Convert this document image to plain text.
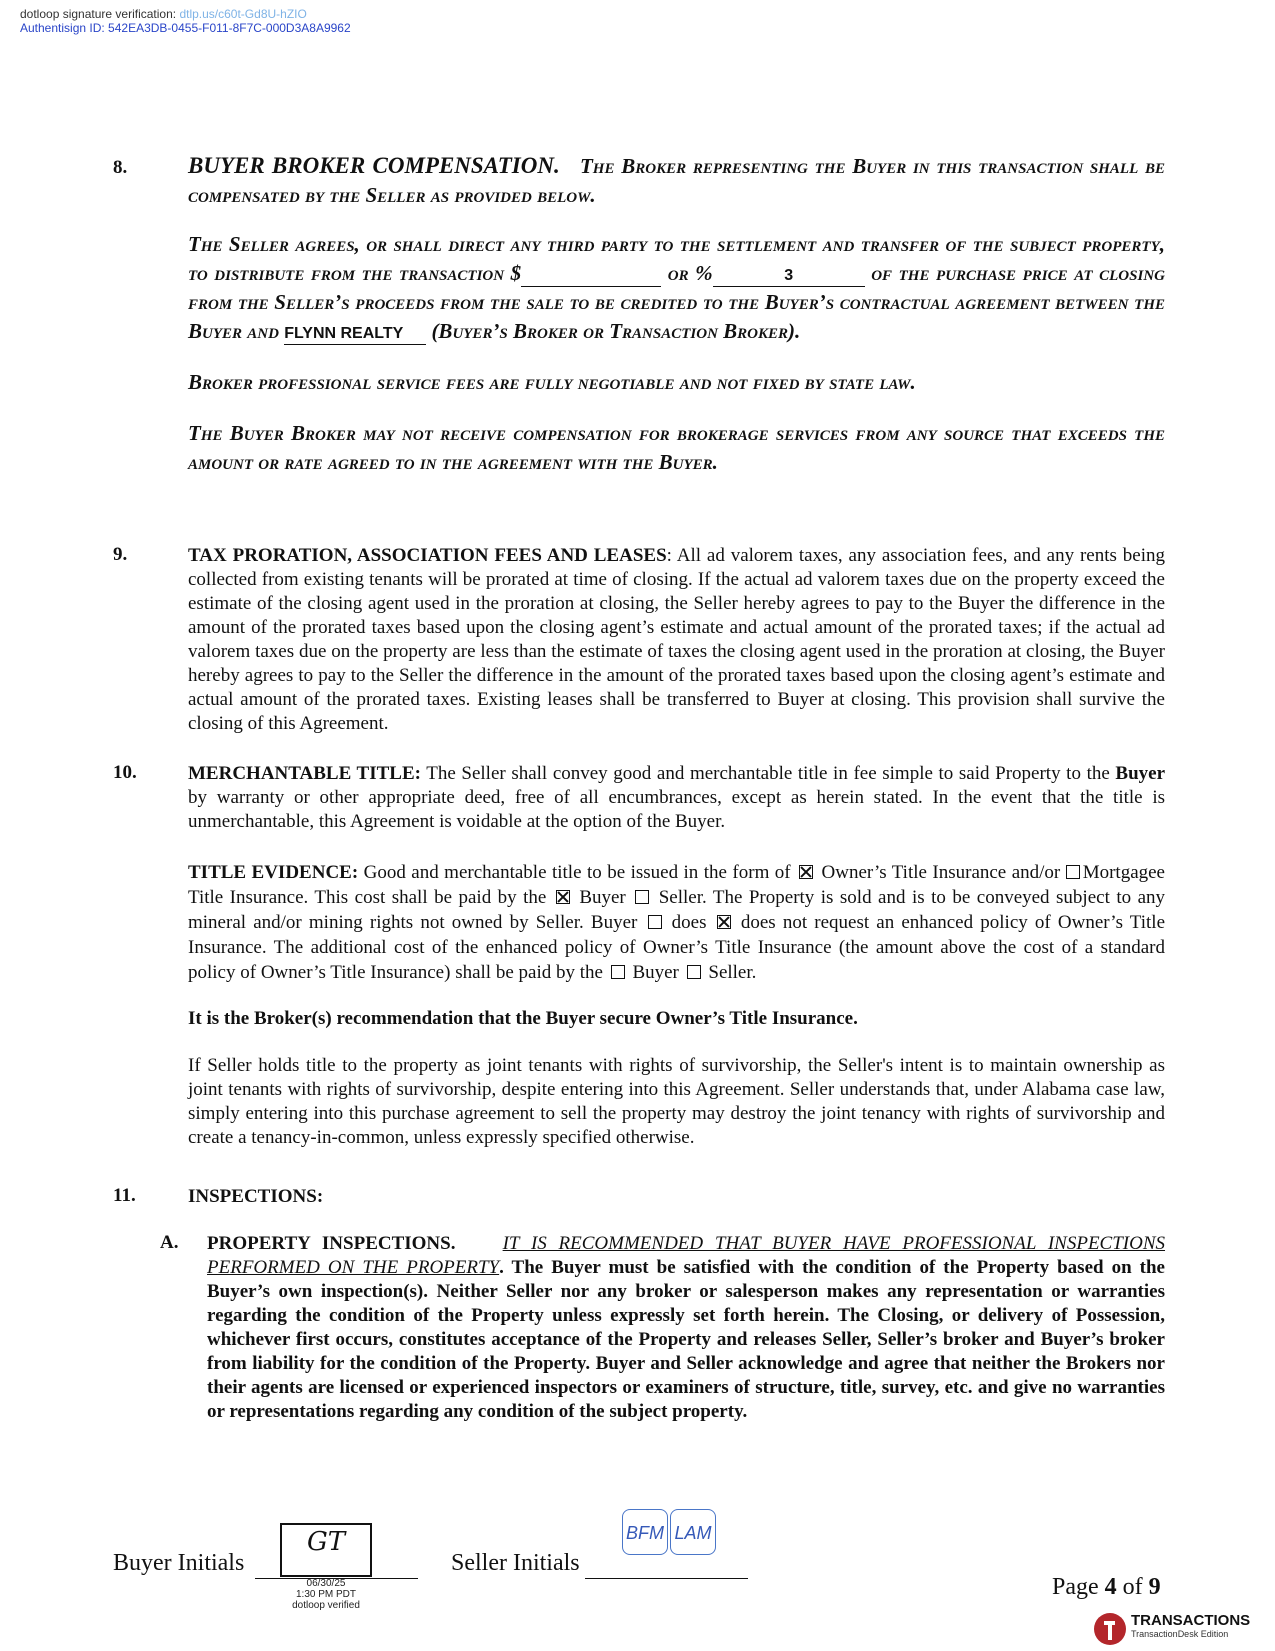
dotloop signature verification: dtlp.us/c60t-Gd8U-hZIO
Authentisign ID: 542EA3DB-0455-F011-8F7C-000D3A8A9962
8.	BUYER BROKER COMPENSATION. The Broker representing the Buyer in this transaction shall be compensated by the Seller as provided below.
The Seller agrees, or shall direct any third party to the settlement and transfer of the subject property, to distribute from the transaction $	or %	3	of the purchase price at closing from the Seller’s proceeds from the sale to be credited to the Buyer’s contractual agreement between the Buyer and FLYNN REALTY (Buyer’s Broker or Transaction Broker).
Broker professional service fees are fully negotiable and not fixed by state law.
The Buyer Broker may not receive compensation for brokerage services from any source that exceeds the amount or rate agreed to in the agreement with the Buyer.
9.	TAX PRORATION, ASSOCIATION FEES AND LEASES: All ad valorem taxes, any association fees, and any rents being collected from existing tenants will be prorated at time of closing. If the actual ad valorem taxes due on the property exceed the estimate of the closing agent used in the proration at closing, the Seller hereby agrees to pay to the Buyer the difference in the amount of the prorated taxes based upon the closing agent’s estimate and actual amount of the prorated taxes; if the actual ad valorem taxes due on the property are less than the estimate of taxes the closing agent used in the proration at closing, the Buyer hereby agrees to pay to the Seller the difference in the amount of the prorated taxes based upon the closing agent’s estimate and actual amount of the prorated taxes. Existing leases shall be transferred to Buyer at closing. This provision shall survive the closing of this Agreement.

10.	MERCHANTABLE TITLE: The Seller shall convey good and merchantable title in fee simple to said Property to the Buyer by warranty or other appropriate deed, free of all encumbrances, except as herein stated. In the event that the title is unmerchantable, this Agreement is voidable at the option of the Buyer.

TITLE EVIDENCE: Good and merchantable title to be issued in the form of  Owner’s Title Insurance and/or Mortgagee Title Insurance. This cost shall be paid by the  Buyer  Seller. The Property is sold and is to be conveyed subject to any mineral and/or mining rights not owned by Seller. Buyer  does  does not request an enhanced policy of Owner’s Title Insurance. The additional cost of the enhanced policy of Owner’s Title Insurance (the amount above the cost of a standard policy of Owner’s Title Insurance) shall be paid by the  Buyer  Seller.

It is the Broker(s) recommendation that the Buyer secure Owner’s Title Insurance.

If Seller holds title to the property as joint tenants with rights of survivorship, the Seller's intent is to maintain ownership as joint tenants with rights of survivorship, despite entering into this Agreement. Seller understands that, under Alabama case law, simply entering into this purchase agreement to sell the property may destroy the joint tenancy with rights of survivorship and create a tenancy-in-common, unless expressly specified otherwise.

11.	INSPECTIONS:

A. PROPERTY INSPECTIONS. IT IS RECOMMENDED THAT BUYER HAVE PROFESSIONAL INSPECTIONS PERFORMED ON THE PROPERTY. The Buyer must be satisfied with the condition of the Property based on the Buyer’s own inspection(s). Neither Seller nor any broker or salesperson makes any representation or warranties regarding the condition of the Property unless expressly set forth herein. The Closing, or delivery of Possession, whichever first occurs, constitutes acceptance of the Property and releases Seller, Seller’s broker and Buyer’s broker from liability for the condition of the Property. Buyer and Seller acknowledge and agree that neither the Brokers nor their agents are licensed or experienced inspectors or examiners of structure, title, survey, etc. and give no warranties or representations regarding any condition of the subject property.

Buyer Initials
GT
06/30/25
1:30 PM PDT
dotloop verified
Seller Initials
BFM LAM
Page 4 of 9
TRANSACTIONS
TransactionDesk Edition
